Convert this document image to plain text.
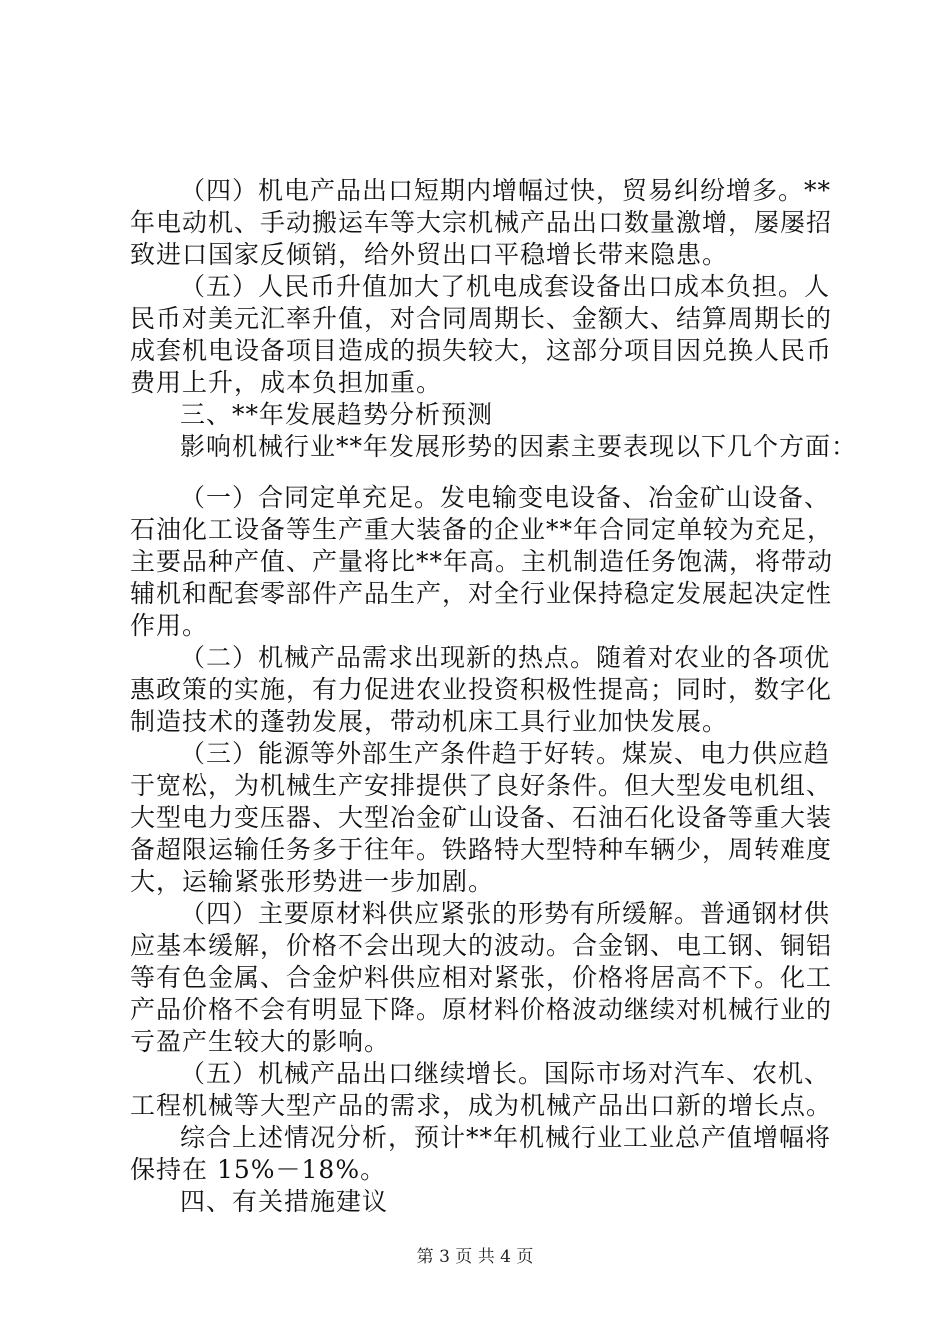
（四）机电产品出口短期内增幅过快，贸易纠纷增多。**
年电动机、手动搬运车等大宗机械产品出口数量激增，屡屡招
致进口国家反倾销，给外贸出口平稳增长带来隐患。
（五）人民币升值加大了机电成套设备出口成本负担。人
民币对美元汇率升值，对合同周期长、金额大、结算周期长的
成套机电设备项目造成的损失较大，这部分项目因兑换人民币
费用上升，成本负担加重。
三、**年发展趋势分析预测
影响机械行业**年发展形势的因素主要表现以下几个方面：
（一）合同定单充足。发电输变电设备、冶金矿山设备、
石油化工设备等生产重大装备的企业**年合同定单较为充足，
主要品种产值、产量将比**年高。主机制造任务饱满，将带动
辅机和配套零部件产品生产，对全行业保持稳定发展起决定性
作用。
（二）机械产品需求出现新的热点。随着对农业的各项优
惠政策的实施，有力促进农业投资积极性提高；同时，数字化
制造技术的蓬勃发展，带动机床工具行业加快发展。
（三）能源等外部生产条件趋于好转。煤炭、电力供应趋
于宽松，为机械生产安排提供了良好条件。但大型发电机组、
大型电力变压器、大型冶金矿山设备、石油石化设备等重大装
备超限运输任务多于往年。铁路特大型特种车辆少，周转难度
大，运输紧张形势进一步加剧。
（四）主要原材料供应紧张的形势有所缓解。普通钢材供
应基本缓解，价格不会出现大的波动。合金钢、电工钢、铜铝
等有色金属、合金炉料供应相对紧张，价格将居高不下。化工
产品价格不会有明显下降。原材料价格波动继续对机械行业的
亏盈产生较大的影响。
（五）机械产品出口继续增长。国际市场对汽车、农机、
工程机械等大型产品的需求，成为机械产品出口新的增长点。
综合上述情况分析，预计**年机械行业工业总产值增幅将
保持在 15%－18%。
四、有关措施建议
第 3 页 共 4 页
